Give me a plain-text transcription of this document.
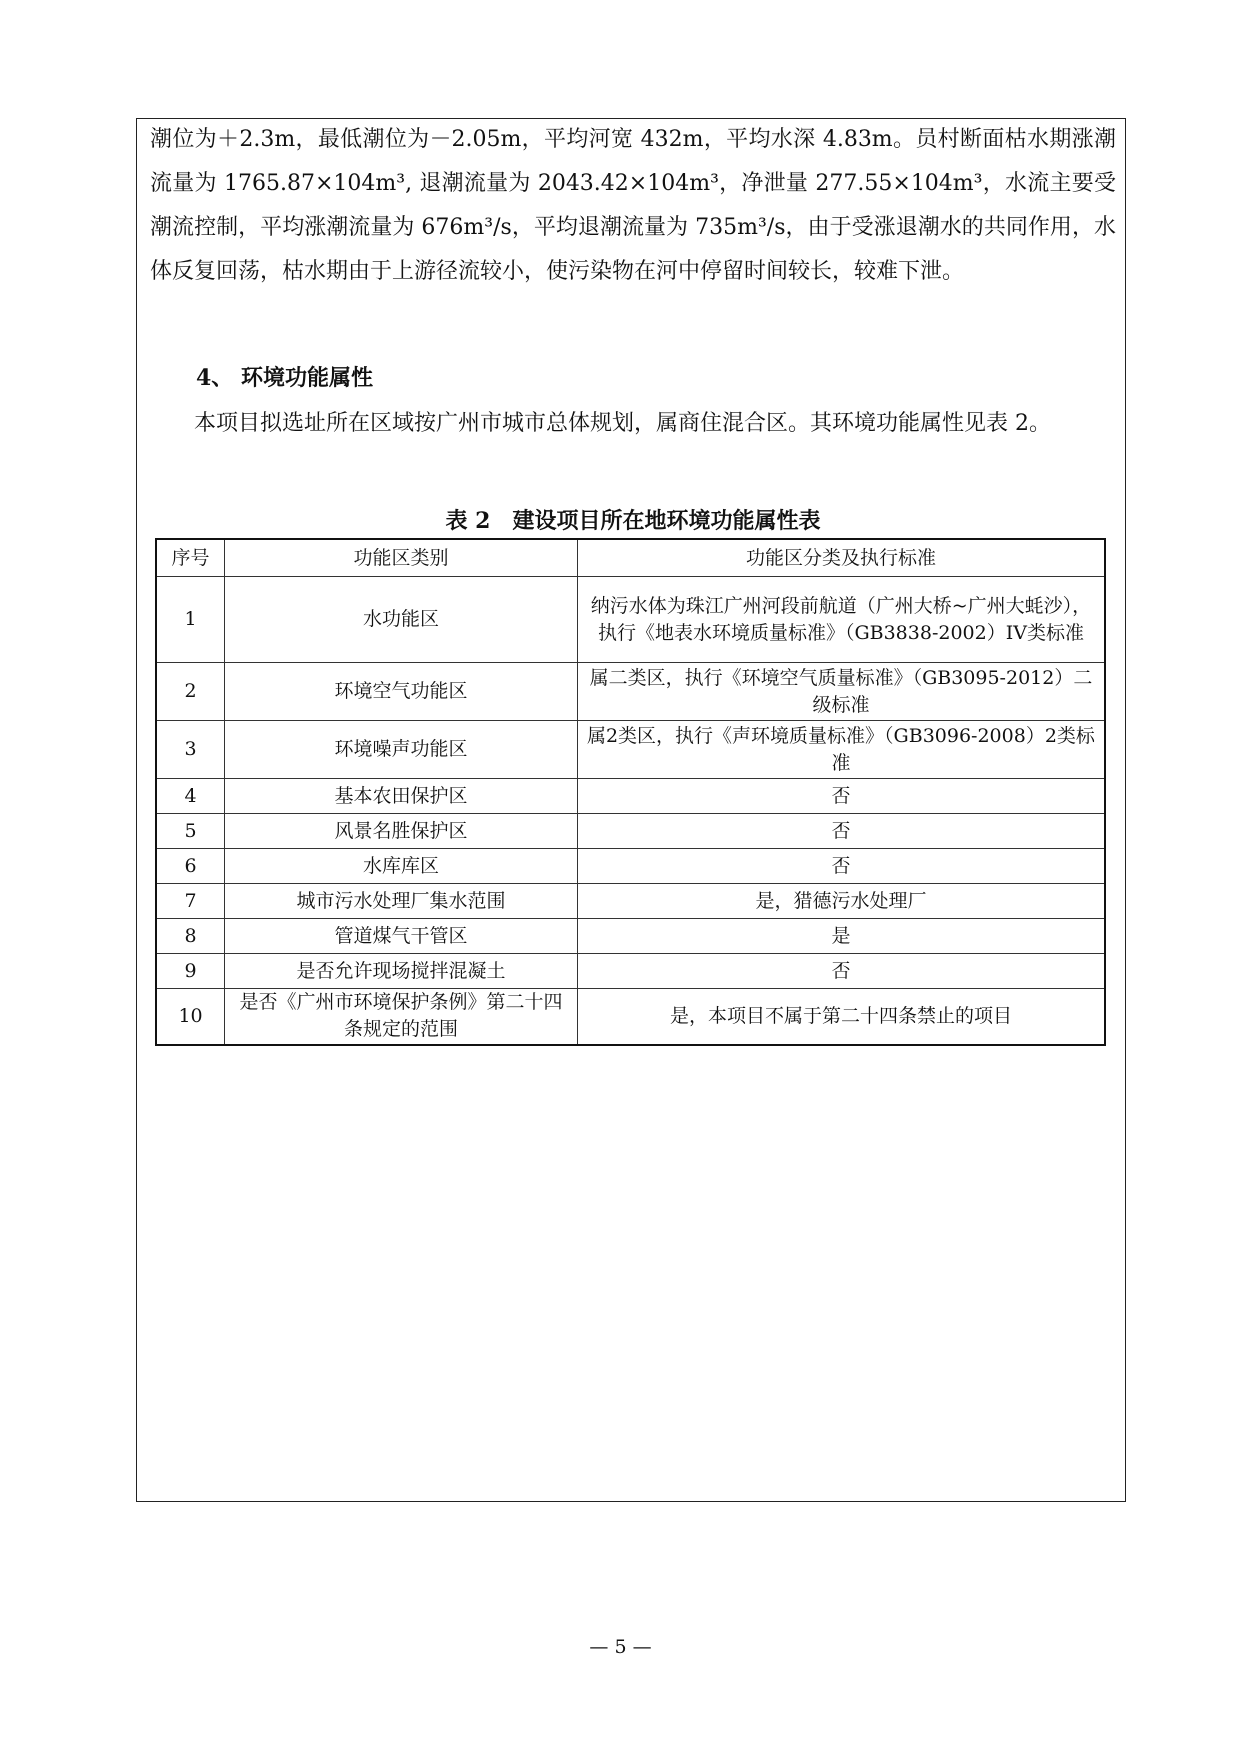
潮位为＋2.3m，最低潮位为－2.05m，平均河宽 432m，平均水深 4.83m。员村断面枯水期涨潮流量为 1765.87×104m³, 退潮流量为 2043.42×104m³，净泄量 277.55×104m³，水流主要受潮流控制，平均涨潮流量为 676m³/s，平均退潮流量为 735m³/s，由于受涨退潮水的共同作用，水体反复回荡，枯水期由于上游径流较小，使污染物在河中停留时间较长，较难下泄。
4、 环境功能属性
本项目拟选址所在区域按广州市城市总体规划，属商住混合区。其环境功能属性见表 2。
表 2　建设项目所在地环境功能属性表
序号	功能区类别	功能区分类及执行标准
1	水功能区	纳污水体为珠江广州河段前航道（广州大桥~广州大蚝沙），执行《地表水环境质量标准》（GB3838-2002）IV类标准
2	环境空气功能区	属二类区，执行《环境空气质量标准》（GB3095-2012）二级标准
3	环境噪声功能区	属2类区，执行《声环境质量标准》（GB3096-2008）2类标准
4	基本农田保护区	否
5	风景名胜保护区	否
6	水库库区	否
7	城市污水处理厂集水范围	是，猎德污水处理厂
8	管道煤气干管区	是
9	是否允许现场搅拌混凝土	否
10	是否《广州市环境保护条例》第二十四条规定的范围	是，本项目不属于第二十四条禁止的项目
— 5 —
